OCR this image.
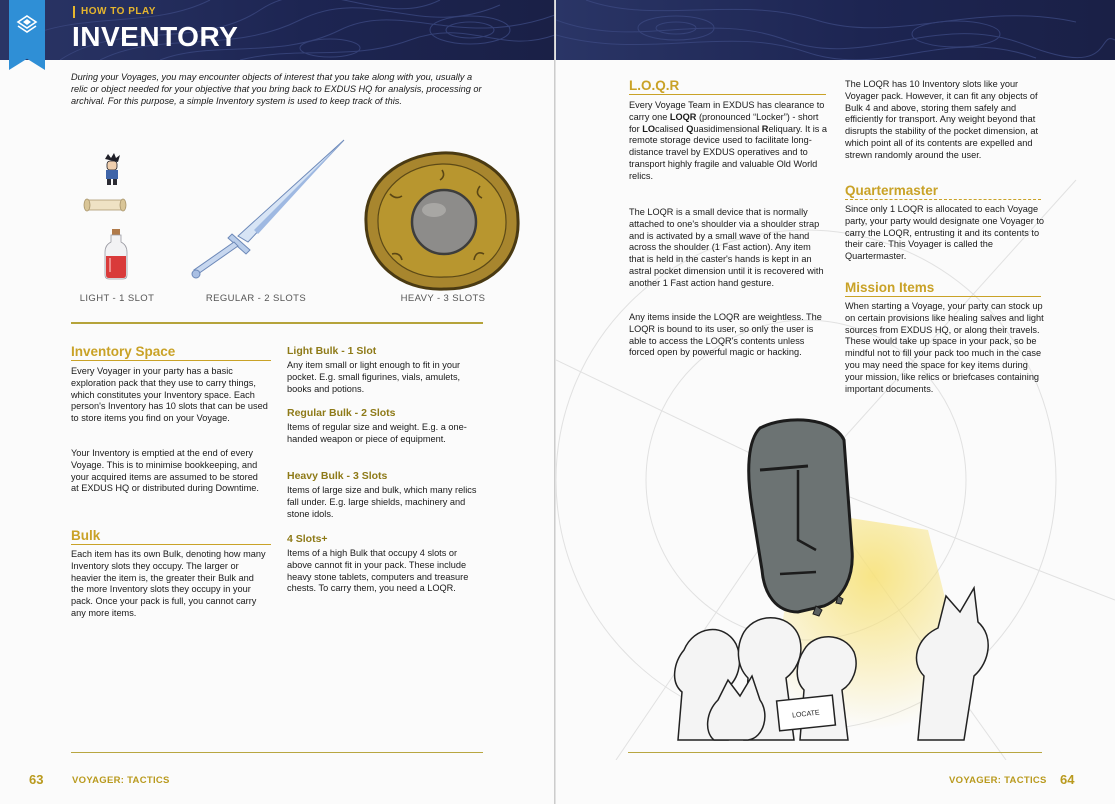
HOW TO PLAY
INVENTORY

During your Voyages, you may encounter objects of interest that you take along with you, usually a relic or object needed for your objective that you bring back to EXDUS HQ for analysis, processing or archival. For this purpose, a simple Inventory system is used to keep track of this.

LIGHT - 1 SLOT	REGULAR - 2 SLOTS	HEAVY - 3 SLOTS
Inventory Space

Every Voyager in your party has a basic exploration pack that they use to carry things, which constitutes your Inventory space. Each person's Inventory has 10 slots that can be used to store items you find on your Voyage.

Your Inventory is emptied at the end of every Voyage. This is to minimise bookkeeping, and your acquired items are assumed to be stored at EXDUS HQ or distributed during Downtime.

Bulk

Each item has its own Bulk, denoting how many Inventory slots they occupy. The larger or heavier the item is, the greater their Bulk and the more Inventory slots they occupy in your pack. Once your pack is full, you cannot carry any more items.

Light Bulk - 1 Slot

Any item small or light enough to fit in your pocket. E.g. small figurines, vials, amulets, books and potions.

Regular Bulk - 2 Slots

Items of regular size and weight. E.g. a one-handed weapon or piece of equipment.

Heavy Bulk - 3 Slots

Items of large size and bulk, which many relics fall under. E.g. large shields, machinery and stone idols.

4 Slots+

Items of a high Bulk that occupy 4 slots or above cannot fit in your pack. These include heavy stone tablets, computers and treasure chests. To carry them, you need a LOQR.

63	VOYAGER: TACTICS
L.O.Q.R

Every Voyage Team in EXDUS has clearance to carry one LOQR (pronounced “Locker”) - short for LOcalised Quasidimensional Reliquary. It is a remote storage device used to facilitate long-distance travel by EXDUS operatives and to transport highly fragile and valuable Old World relics.

The LOQR is a small device that is normally attached to one's shoulder via a shoulder strap and is activated by a small wave of the hand across the shoulder (1 Fast action). Any item that is held in the caster's hands is kept in an astral pocket dimension until it is recovered with another 1 Fast action hand gesture.

Any items inside the LOQR are weightless. The LOQR is bound to its user, so only the user is able to access the LOQR's contents unless forced open by powerful magic or hacking.

The LOQR has 10 Inventory slots like your Voyager pack. However, it can fit any objects of Bulk 4 and above, storing them safely and efficiently for transport. Any weight beyond that disrupts the stability of the pocket dimension, at which point all of its contents are expelled and strewn randomly around the user.

Quartermaster

Since only 1 LOQR is allocated to each Voyage party, your party would designate one Voyager to carry the LOQR, entrusting it and its contents to their care. This Voyager is called the Quartermaster.

Mission Items

When starting a Voyage, your party can stock up on certain provisions like healing salves and light sources from EXDUS HQ, or along their travels. These would take up space in your pack, so be mindful not to fill your pack too much in the case you may need the space for key items during your mission, like relics or briefcases containing important documents.

LOCATE
VOYAGER: TACTICS 64
